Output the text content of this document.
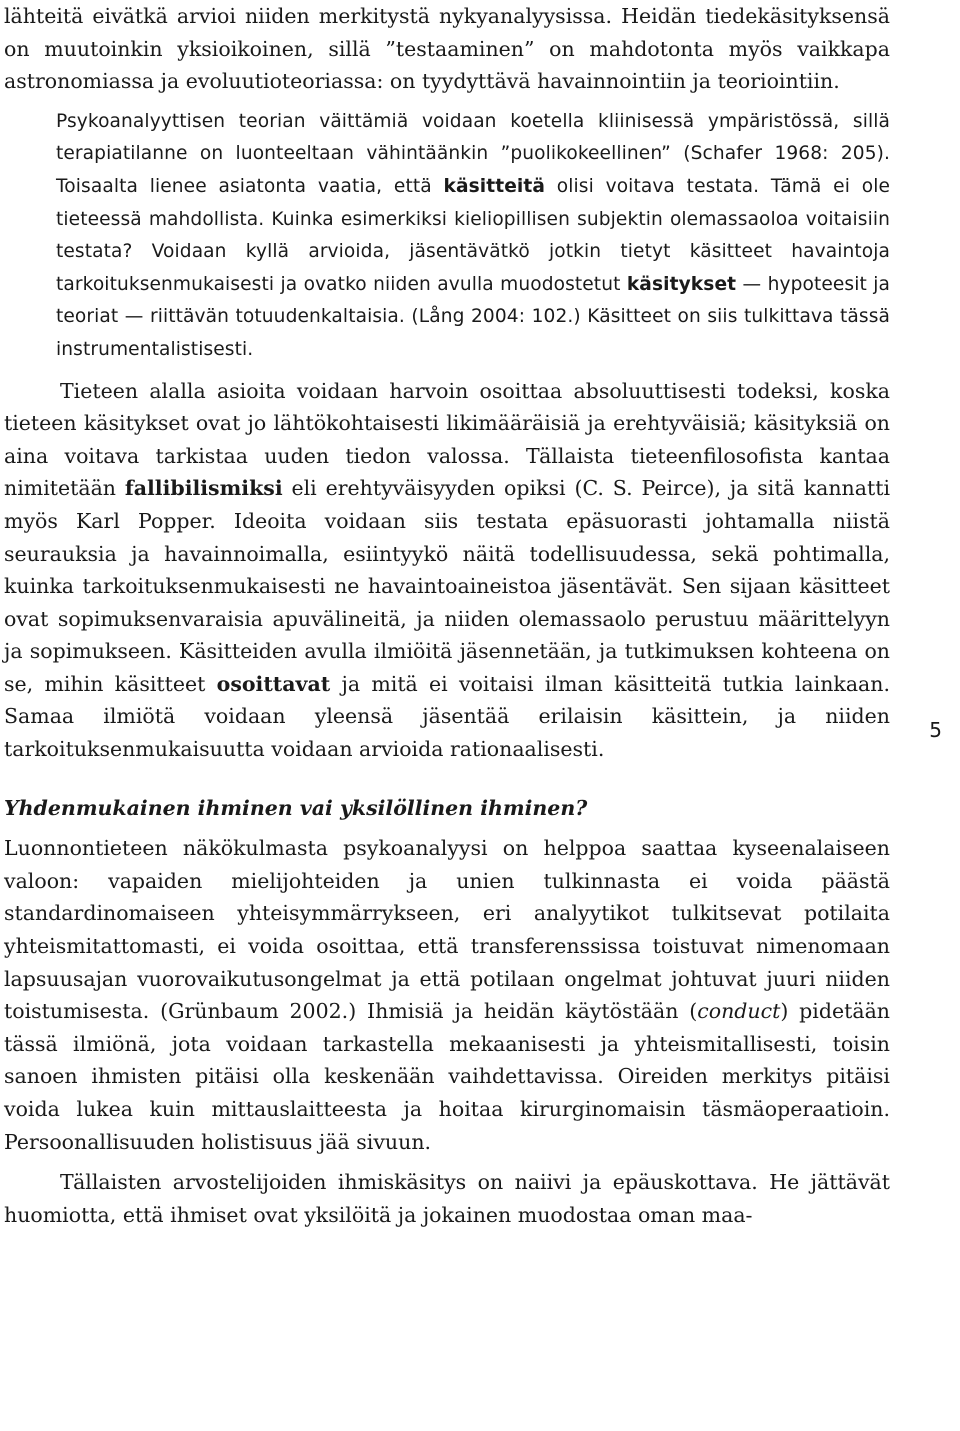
lähteitä eivätkä arvioi niiden merkitystä nykyanalyysissa. Heidän tiedekäsityksensä on muutoinkin yksioikoinen, sillä ”testaaminen” on mahdotonta myös vaikkapa astronomiassa ja evoluutioteoriassa: on tyydyttävä havainnointiin ja teoriointiin.

Psykoanalyyttisen teorian väittämiä voidaan koetella kliinisessä ympäristössä, sillä terapiatilanne on luonteeltaan vähintäänkin ”puolikokeellinen” (Schafer 1968: 205). Toisaalta lienee asiatonta vaatia, että käsitteitä olisi voitava testata. Tämä ei ole tieteessä mahdollista. Kuinka esimerkiksi kieliopillisen subjektin olemassaoloa voitaisiin testata? Voidaan kyllä arvioida, jäsentävätkö jotkin tietyt käsitteet havaintoja tarkoituksenmukaisesti ja ovatko niiden avulla muodostetut käsitykset — hypoteesit ja teoriat — riittävän totuudenkaltaisia. (Lång 2004: 102.) Käsitteet on siis tulkittava tässä instrumentalistisesti.

Tieteen alalla asioita voidaan harvoin osoittaa absoluuttisesti todeksi, koska tieteen käsitykset ovat jo lähtökohtaisesti likimääräisiä ja erehtyväisiä; käsityksiä on aina voitava tarkistaa uuden tiedon valossa. Tällaista tieteenfilosofista kantaa nimitetään fallibilismiksi eli erehtyväisyyden opiksi (C. S. Peirce), ja sitä kannatti myös Karl Popper. Ideoita voidaan siis testata epäsuorasti johtamalla niistä seurauksia ja havainnoimalla, esiintyykö näitä todellisuudessa, sekä pohtimalla, kuinka tarkoituksenmukaisesti ne havaintoaineistoa jäsentävät. Sen sijaan käsitteet ovat sopimuksenvaraisia apuvälineitä, ja niiden olemassaolo perustuu määrittelyyn ja sopimukseen. Käsitteiden avulla ilmiöitä jäsennetään, ja tutkimuksen kohteena on se, mihin käsitteet osoittavat ja mitä ei voitaisi ilman käsitteitä tutkia lainkaan. Samaa ilmiötä voidaan yleensä jäsentää erilaisin käsittein, ja niiden tarkoituksenmukaisuutta voidaan arvioida rationaalisesti.

Yhdenmukainen ihminen vai yksilöllinen ihminen?

Luonnontieteen näkökulmasta psykoanalyysi on helppoa saattaa kyseenalaiseen valoon: vapaiden mielijohteiden ja unien tulkinnasta ei voida päästä standardinomaiseen yhteisymmärrykseen, eri analyytikot tulkitsevat potilaita yhteismitattomasti, ei voida osoittaa, että transferenssissa toistuvat nimenomaan lapsuusajan vuorovaikutusongelmat ja että potilaan ongelmat johtuvat juuri niiden toistumisesta. (Grünbaum 2002.) Ihmisiä ja heidän käytöstään (conduct) pidetään tässä ilmiönä, jota voidaan tarkastella mekaanisesti ja yhteismitallisesti, toisin sanoen ihmisten pitäisi olla keskenään vaihdettavissa. Oireiden merkitys pitäisi voida lukea kuin mittauslaitteesta ja hoitaa kirurginomaisin täsmäoperaatioin. Persoonallisuuden holistisuus jää sivuun.

Tällaisten arvostelijoiden ihmiskäsitys on naiivi ja epäuskottava. He jättävät huomiotta, että ihmiset ovat yksilöitä ja jokainen muodostaa oman maa-

5
